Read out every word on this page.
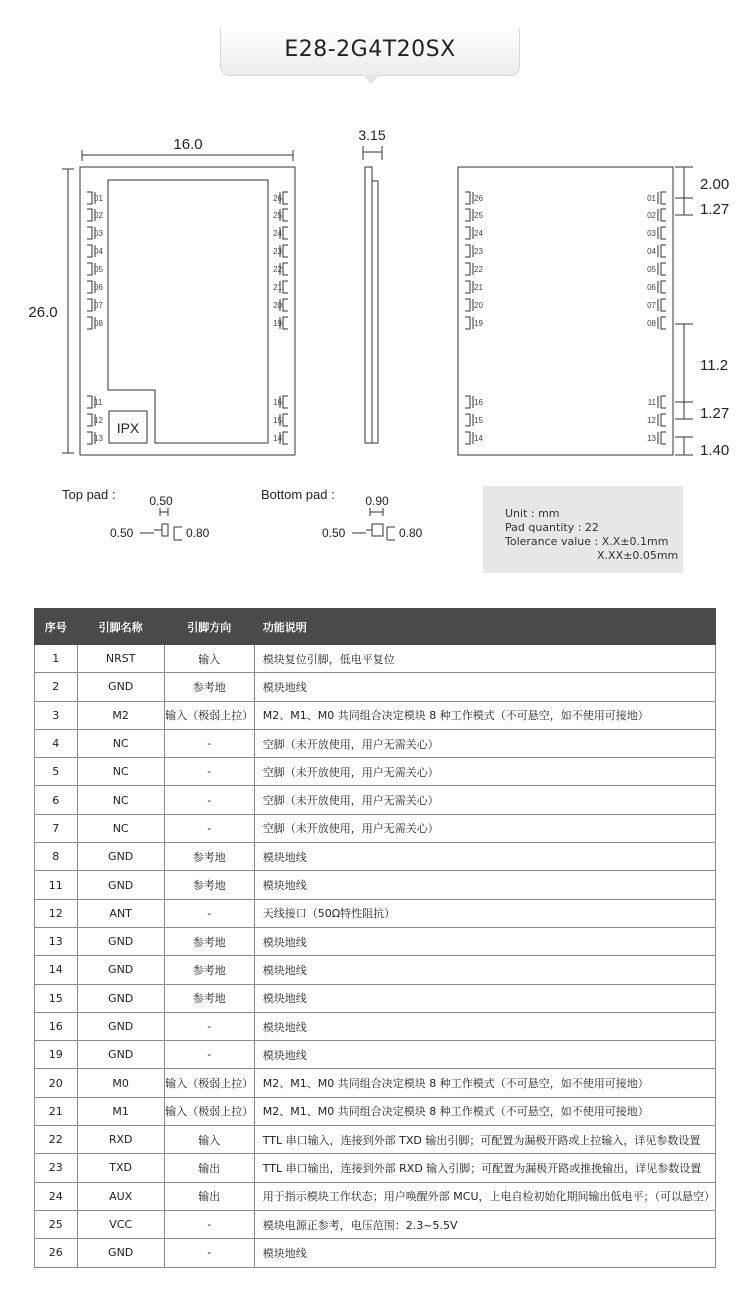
E28-2G4T20SX
01	26
02	25
03	24
04	23
05	22
06	21
07	20
08	19
11	16
12	15
13	14
26	01
25	02
24	03
23	04
22	05
21	06
20	07
19	08
16	11
15	12
14	13
16.0
26.0
3.15
2.00
1.27
11.2
1.27
1.40
IPX
Top pad :	Bottom pad :
0.50
0.50	0.80
0.90
0.50	0.80
Unit : mm
Pad quantity : 22
Tolerance value : X.X±0.1mm
X.XX±0.05mm
序号	引脚名称	引脚方向	功能说明
1	NRST	输入	模块复位引脚，低电平复位
2	GND	参考地	模块地线
3	M2	输入（极弱上拉）	M2、M1、M0 共同组合决定模块 8 种工作模式（不可悬空，如不使用可接地）
4	NC	-	空脚（未开放使用，用户无需关心）
5	NC	-	空脚（未开放使用，用户无需关心）
6	NC	-	空脚（未开放使用，用户无需关心）
7	NC	-	空脚（未开放使用，用户无需关心）
8	GND	参考地	模块地线
11	GND	参考地	模块地线
12	ANT	-	天线接口（50Ω特性阻抗）
13	GND	参考地	模块地线
14	GND	参考地	模块地线
15	GND	参考地	模块地线
16	GND	-	模块地线
19	GND	-	模块地线
20	M0	输入（极弱上拉）	M2、M1、M0 共同组合决定模块 8 种工作模式（不可悬空，如不使用可接地）
21	M1	输入（极弱上拉）	M2、M1、M0 共同组合决定模块 8 种工作模式（不可悬空，如不使用可接地）
22	RXD	输入	TTL 串口输入，连接到外部 TXD 输出引脚；可配置为漏极开路或上拉输入，详见参数设置
23	TXD	输出	TTL 串口输出，连接到外部 RXD 输入引脚；可配置为漏极开路或推挽输出，详见参数设置
24	AUX	输出	用于指示模块工作状态；用户唤醒外部 MCU，上电自检初始化期间输出低电平；（可以悬空）
25	VCC	-	模块电源正参考，电压范围：2.3~5.5V
26	GND	-	模块地线
